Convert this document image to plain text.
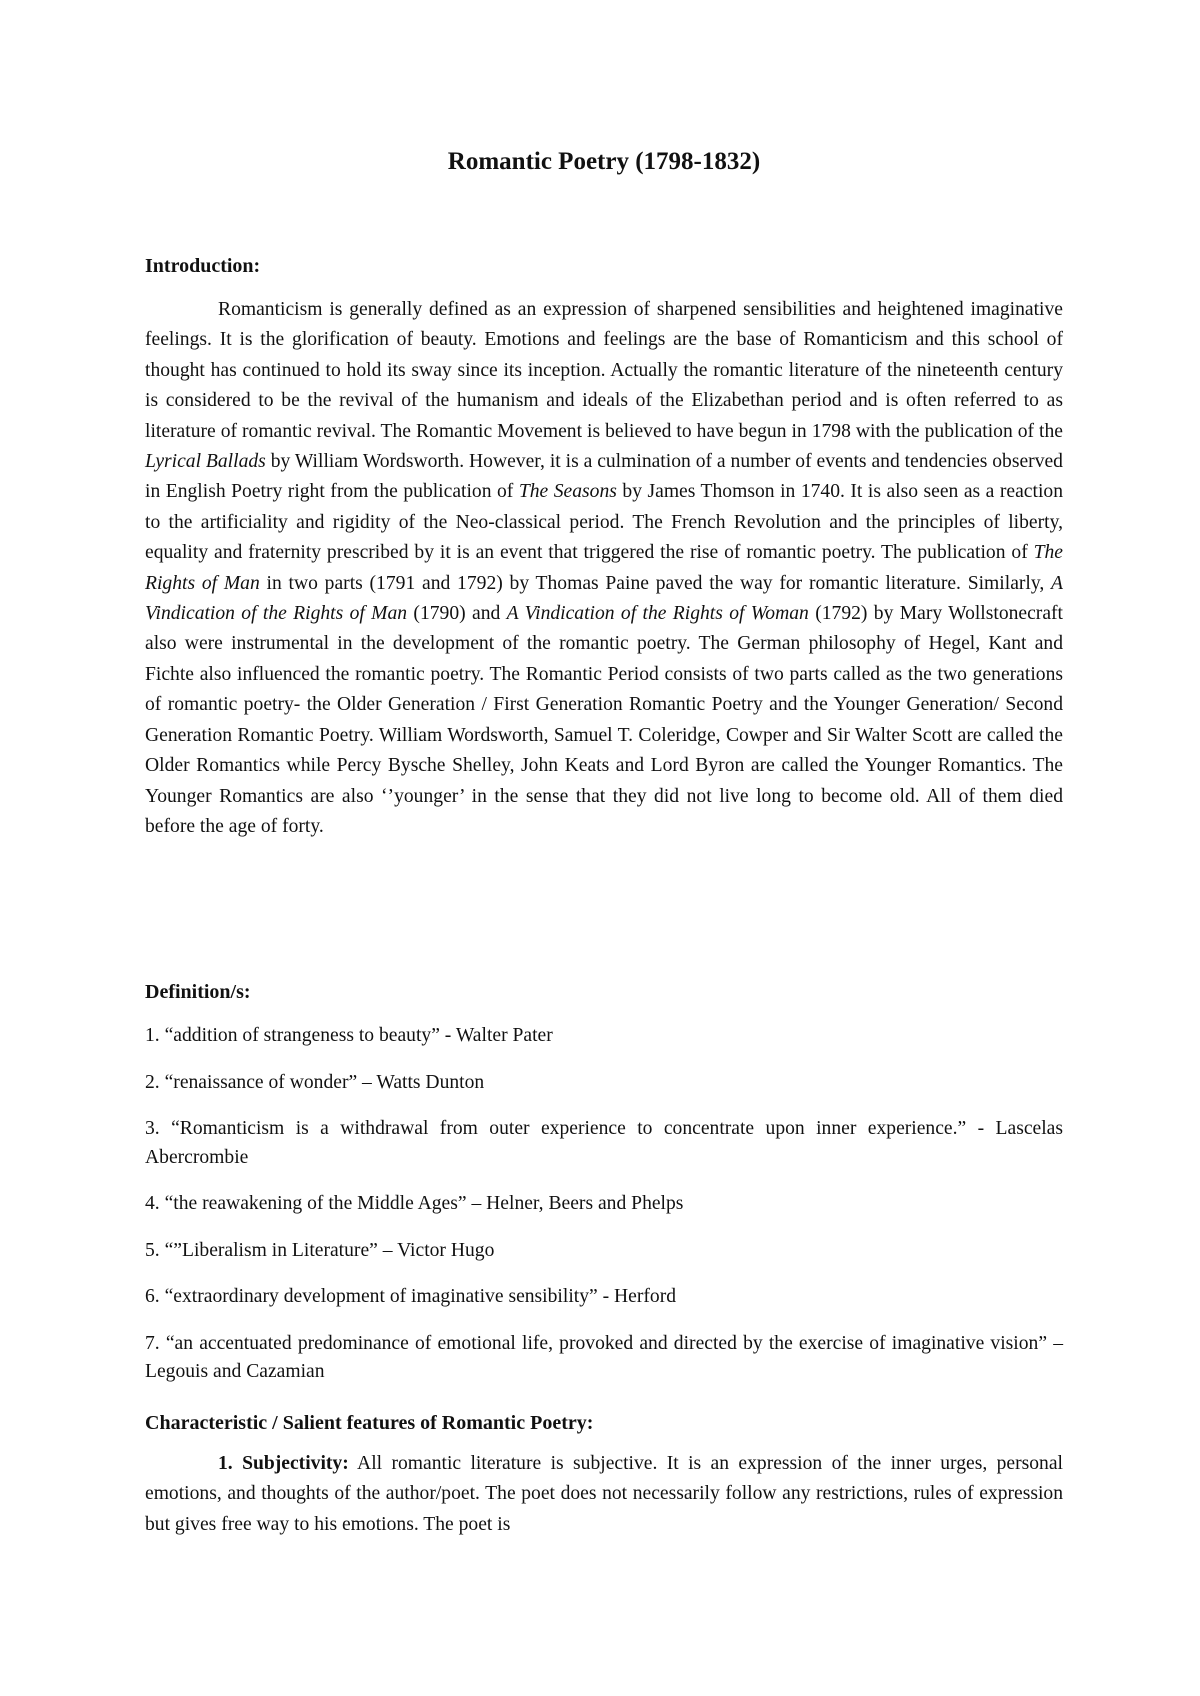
Romantic Poetry (1798-1832)
Introduction:

Romanticism is generally defined as an expression of sharpened sensibilities and heightened imaginative feelings. It is the glorification of beauty. Emotions and feelings are the base of Romanticism and this school of thought has continued to hold its sway since its inception. Actually the romantic literature of the nineteenth century is considered to be the revival of the humanism and ideals of the Elizabethan period and is often referred to as literature of romantic revival. The Romantic Movement is believed to have begun in 1798 with the publication of the Lyrical Ballads by William Wordsworth. However, it is a culmination of a number of events and tendencies observed in English Poetry right from the publication of The Seasons by James Thomson in 1740. It is also seen as a reaction to the artificiality and rigidity of the Neo-classical period. The French Revolution and the principles of liberty, equality and fraternity prescribed by it is an event that triggered the rise of romantic poetry. The publication of The Rights of Man in two parts (1791 and 1792) by Thomas Paine paved the way for romantic literature. Similarly, A Vindication of the Rights of Man (1790) and A Vindication of the Rights of Woman (1792) by Mary Wollstonecraft also were instrumental in the development of the romantic poetry. The German philosophy of Hegel, Kant and Fichte also influenced the romantic poetry. The Romantic Period consists of two parts called as the two generations of romantic poetry- the Older Generation / First Generation Romantic Poetry and the Younger Generation/ Second Generation Romantic Poetry. William Wordsworth, Samuel T. Coleridge, Cowper and Sir Walter Scott are called the Older Romantics while Percy Bysche Shelley, John Keats and Lord Byron are called the Younger Romantics. The Younger Romantics are also ‘’younger’ in the sense that they did not live long to become old. All of them died before the age of forty.

Definition/s:
1. “addition of strangeness to beauty” - Walter Pater
2. “renaissance of wonder” – Watts Dunton
3. “Romanticism is a withdrawal from outer experience to concentrate upon inner experience.” - Lascelas Abercrombie
4. “the reawakening of the Middle Ages” – Helner, Beers and Phelps
5. “”Liberalism in Literature” – Victor Hugo
6. “extraordinary development of imaginative sensibility” - Herford
7. “an accentuated predominance of emotional life, provoked and directed by the exercise of imaginative vision” – Legouis and Cazamian
Characteristic / Salient features of Romantic Poetry:

1. Subjectivity: All romantic literature is subjective. It is an expression of the inner urges, personal emotions, and thoughts of the author/poet. The poet does not necessarily follow any restrictions, rules of expression but gives free way to his emotions. The poet is
